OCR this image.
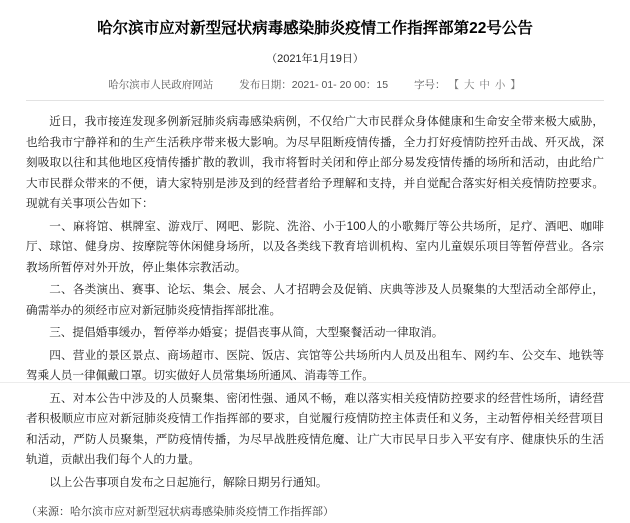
哈尔滨市应对新型冠状病毒感染肺炎疫情工作指挥部第22号公告
（2021年1月19日）
哈尔滨市人民政府网站 发布日期：2021- 01- 20 00：15 字号： 【 大 中 小 】

近日，我市接连发现多例新冠肺炎病毒感染病例，不仅给广大市民群众身体健康和生命安全带来极大威胁，也给我市宁静祥和的生产生活秩序带来极大影响。为尽早阻断疫情传播，全力打好疫情防控歼击战、歼灭战，深刻吸取以往和其他地区疫情传播扩散的教训，我市将暂时关闭和停止部分易发疫情传播的场所和活动，由此给广大市民群众带来的不便，请大家特别是涉及到的经营者给予理解和支持，并自觉配合落实好相关疫情防控要求。现就有关事项公告如下：

一、麻将馆、棋牌室、游戏厅、网吧、影院、洗浴、小于100人的小歌舞厅等公共场所，足疗、酒吧、咖啡厅、球馆、健身房、按摩院等休闲健身场所，以及各类线下教育培训机构、室内儿童娱乐项目等暂停营业。各宗教场所暂停对外开放，停止集体宗教活动。

二、各类演出、赛事、论坛、集会、展会、人才招聘会及促销、庆典等涉及人员聚集的大型活动全部停止，确需举办的须经市应对新冠肺炎疫情指挥部批准。

三、提倡婚事缓办，暂停举办婚宴；提倡丧事从简，大型聚餐活动一律取消。

四、营业的景区景点、商场超市、医院、饭店、宾馆等公共场所内人员及出租车、网约车、公交车、地铁等驾乘人员一律佩戴口罩。切实做好人员常集场所通风、消毒等工作。

五、对本公告中涉及的人员聚集、密闭性强、通风不畅，难以落实相关疫情防控要求的经营性场所，请经营者积极顺应市应对新冠肺炎疫情工作指挥部的要求，自觉履行疫情防控主体责任和义务，主动暂停相关经营项目和活动，严防人员聚集，严防疫情传播，为尽早战胜疫情危魔、让广大市民早日步入平安有序、健康快乐的生活轨道，贡献出我们每个人的力量。

以上公告事项自发布之日起施行，解除日期另行通知。

（来源：哈尔滨市应对新型冠状病毒感染肺炎疫情工作指挥部）
